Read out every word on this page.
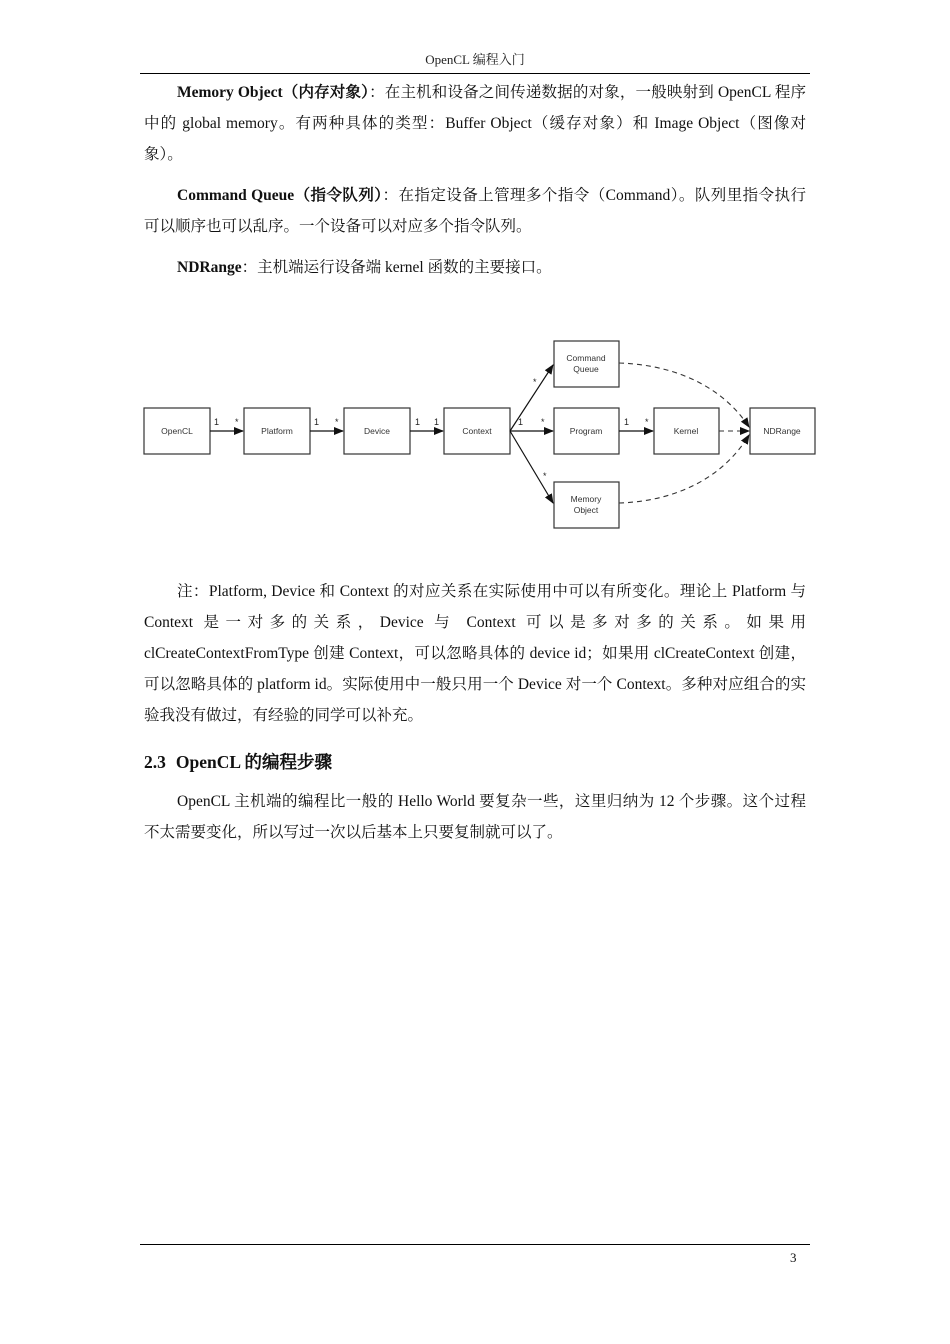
OpenCL 编程入门

Memory Object（内存对象）：在主机和设备之间传递数据的对象，一般映射到 OpenCL 程序中的 global memory。有两种具体的类型：Buffer Object（缓存对象）和 Image Object（图像对象）。

Command Queue（指令队列）：在指定设备上管理多个指令（Command）。队列里指令执行可以顺序也可以乱序。一个设备可以对应多个指令队列。

NDRange：主机端运行设备端 kernel 函数的主要接口。

OpenCL	Platform	Device	Context
Command
Queue
Program	Kernel	NDRange
Memory
Object
1 *	1 *	1 1	1 *
*
*
1 *

注：Platform, Device 和 Context 的对应关系在实际使用中可以有所变化。理论上 Platform 与 Context 是一对多的关系，Device 与 Context 可以是多对多的关系。如果用 clCreateContextFromType 创建 Context，可以忽略具体的 device id；如果用 clCreateContext 创建，可以忽略具体的 platform id。实际使用中一般只用一个 Device 对一个 Context。多种对应组合的实验我没有做过，有经验的同学可以补充。

2.3 OpenCL 的编程步骤

OpenCL 主机端的编程比一般的 Hello World 要复杂一些，这里归纳为 12 个步骤。这个过程不太需要变化，所以写过一次以后基本上只要复制就可以了。

3
